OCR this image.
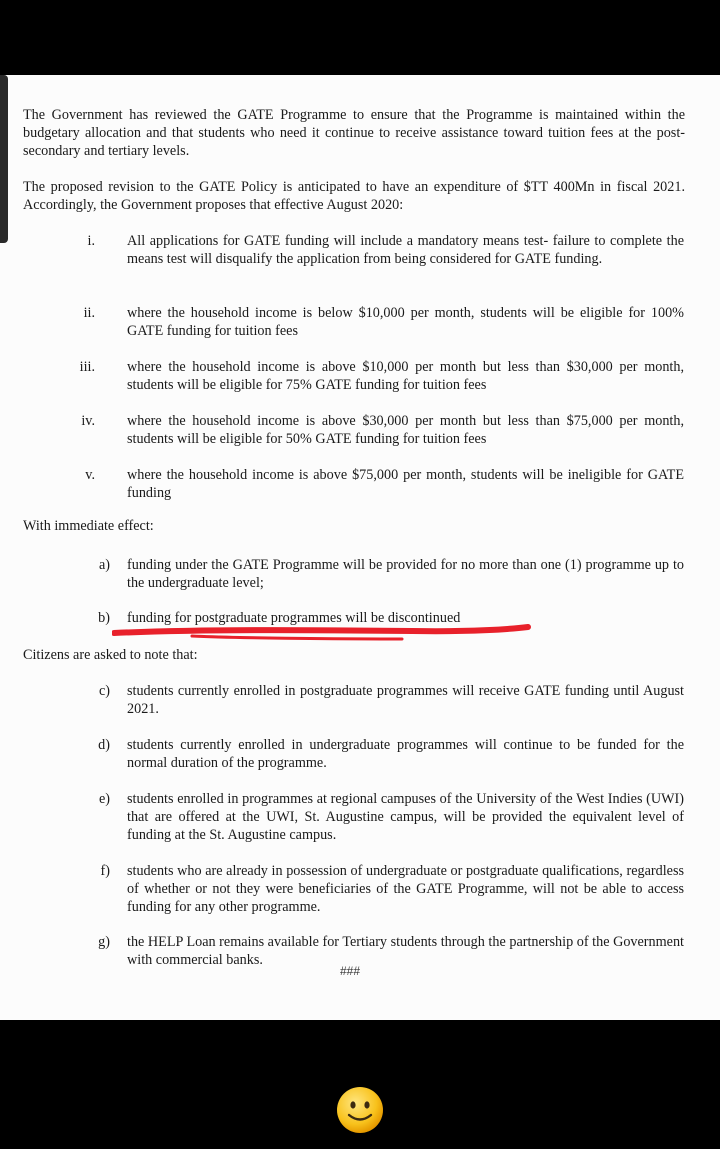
The Government has reviewed the GATE Programme to ensure that the Programme is maintained within the budgetary allocation and that students who need it continue to receive assistance toward tuition fees at the post-secondary and tertiary levels.
The proposed revision to the GATE Policy is anticipated to have an expenditure of $TT 400Mn in fiscal 2021. Accordingly, the Government proposes that effective August 2020:
i. All applications for GATE funding will include a mandatory means test- failure to complete the means test will disqualify the application from being considered for GATE funding.
ii. where the household income is below $10,000 per month, students will be eligible for 100% GATE funding for tuition fees
iii. where the household income is above $10,000 per month but less than $30,000 per month, students will be eligible for 75% GATE funding for tuition fees
iv. where the household income is above $30,000 per month but less than $75,000 per month, students will be eligible for 50% GATE funding for tuition fees
v. where the household income is above $75,000 per month, students will be ineligible for GATE funding
With immediate effect:
a) funding under the GATE Programme will be provided for no more than one (1) programme up to the undergraduate level;
b) funding for postgraduate programmes will be discontinued
Citizens are asked to note that:
c) students currently enrolled in postgraduate programmes will receive GATE funding until August 2021.
d) students currently enrolled in undergraduate programmes will continue to be funded for the normal duration of the programme.
e) students enrolled in programmes at regional campuses of the University of the West Indies (UWI) that are offered at the UWI, St. Augustine campus, will be provided the equivalent level of funding at the St. Augustine campus.
f) students who are already in possession of undergraduate or postgraduate qualifications, regardless of whether or not they were beneficiaries of the GATE Programme, will not be able to access funding for any other programme.
g) the HELP Loan remains available for Tertiary students through the partnership of the Government with commercial banks.
###
